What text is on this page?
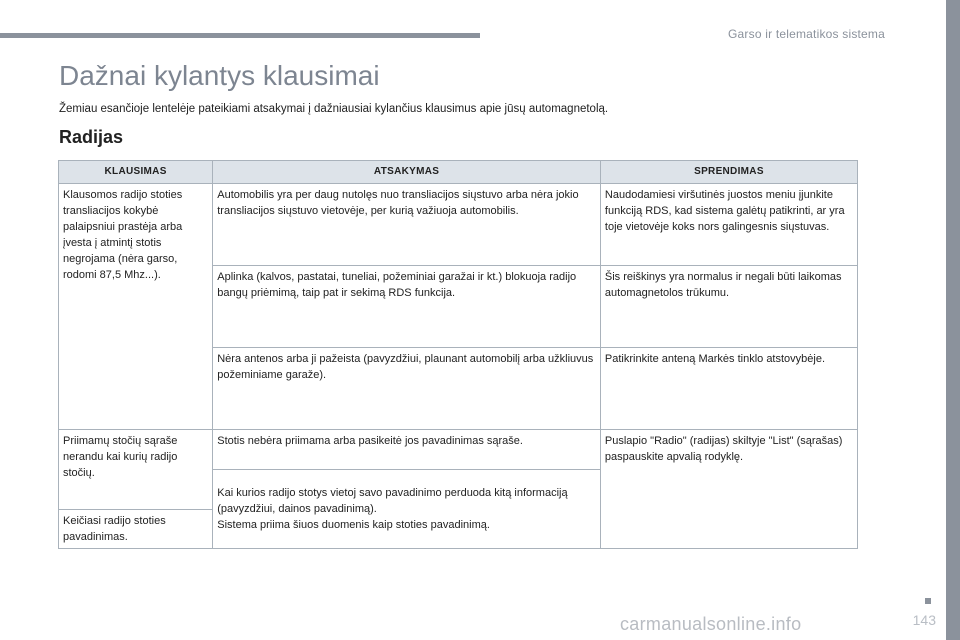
Garso ir telematikos sistema
Dažnai kylantys klausimai

Žemiau esančioje lentelėje pateikiami atsakymai į dažniausiai kylančius klausimus apie jūsų automagnetolą.

Radijas
KLAUSIMAS	ATSAKYMAS	SPRENDIMAS
Klausomos radijo stoties transliacijos kokybė palaipsniui prastėja arba įvesta į atmintį stotis negrojama (nėra garso, rodomi 87,5 Mhz...).	Automobilis yra per daug nutolęs nuo transliacijos siųstuvo arba nėra jokio transliacijos siųstuvo vietovėje, per kurią važiuoja automobilis.	Naudodamiesi viršutinės juostos meniu įjunkite funkciją RDS, kad sistema galėtų patikrinti, ar yra toje vietovėje koks nors galingesnis siųstuvas.
	Aplinka (kalvos, pastatai, tuneliai, požeminiai garažai ir kt.) blokuoja radijo bangų priėmimą, taip pat ir sekimą RDS funkcija.	Šis reiškinys yra normalus ir negali būti laikomas automagnetolos trūkumu.
	Nėra antenos arba ji pažeista (pavyzdžiui, plaunant automobilį arba užkliuvus požeminiame garaže).	Patikrinkite anteną Markės tinklo atstovybėje.
Priimamų stočių sąraše nerandu kai kurių radijo stočių.	Stotis nebėra priimama arba pasikeitė jos pavadinimas sąraše.	Puslapio "Radio" (radijas) skiltyje "List" (sąrašas) paspauskite apvalią rodyklę.

	Kai kurios radijo stotys vietoj savo pavadinimo perduoda kitą informaciją (pavyzdžiui, dainos pavadinimą).
Sistema priima šiuos duomenis kaip stoties pavadinimą.	

Keičiasi radijo stoties pavadinimas.		

143
carmanualsonline.info
